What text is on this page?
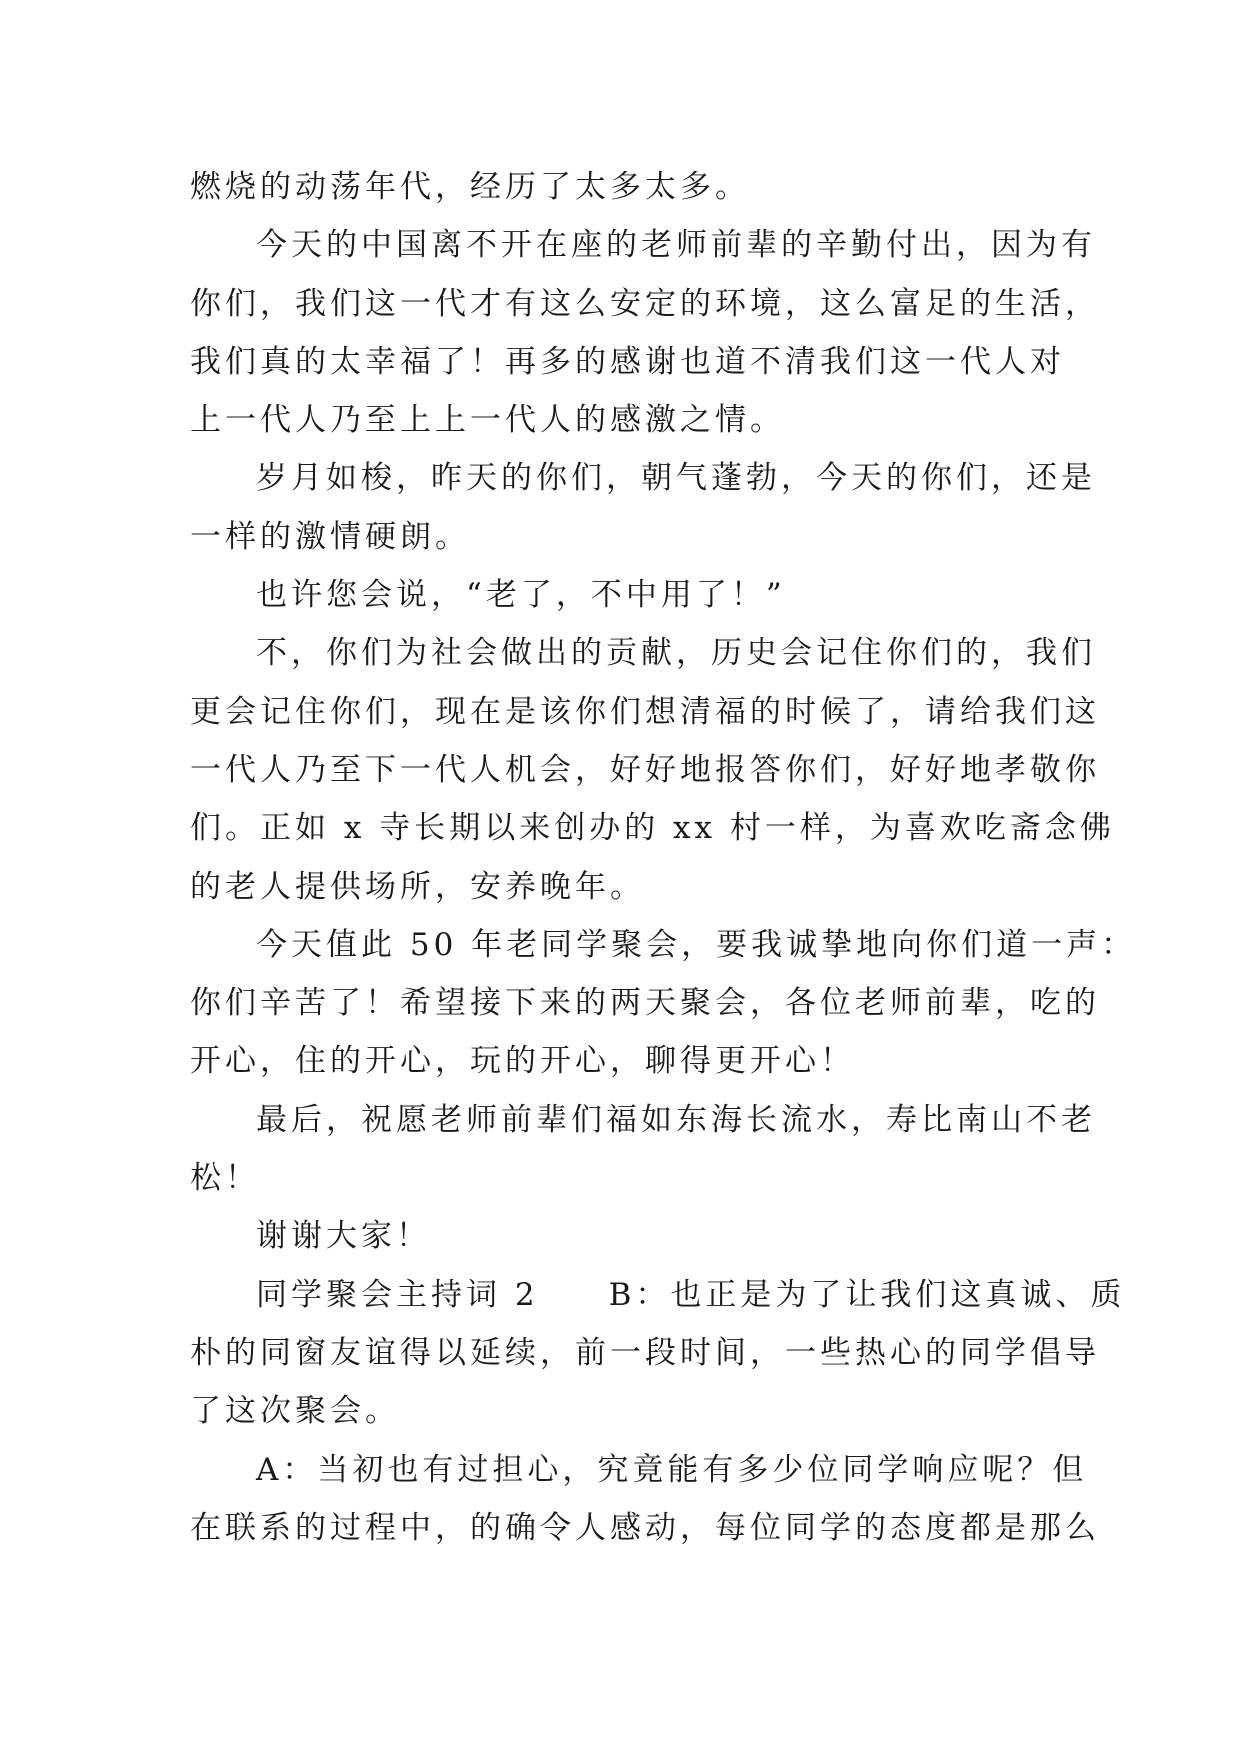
燃烧的动荡年代，经历了太多太多。
今天的中国离不开在座的老师前辈的辛勤付出，因为有
你们，我们这一代才有这么安定的环境，这么富足的生活，
我们真的太幸福了！再多的感谢也道不清我们这一代人对
上一代人乃至上上一代人的感激之情。
岁月如梭，昨天的你们，朝气蓬勃，今天的你们，还是
一样的激情硬朗。
也许您会说，“老了，不中用了！”
不，你们为社会做出的贡献，历史会记住你们的，我们
更会记住你们，现在是该你们想清福的时候了，请给我们这
一代人乃至下一代人机会，好好地报答你们，好好地孝敬你
们。正如 x 寺长期以来创办的 xx 村一样，为喜欢吃斋念佛
的老人提供场所，安养晚年。
今天值此 50 年老同学聚会，要我诚挚地向你们道一声：
你们辛苦了！希望接下来的两天聚会，各位老师前辈，吃的
开心，住的开心，玩的开心，聊得更开心！
最后，祝愿老师前辈们福如东海长流水，寿比南山不老
松！
谢谢大家！
同学聚会主持词 2　　B：也正是为了让我们这真诚、质
朴的同窗友谊得以延续，前一段时间，一些热心的同学倡导
了这次聚会。
A：当初也有过担心，究竟能有多少位同学响应呢？但
在联系的过程中，的确令人感动，每位同学的态度都是那么
